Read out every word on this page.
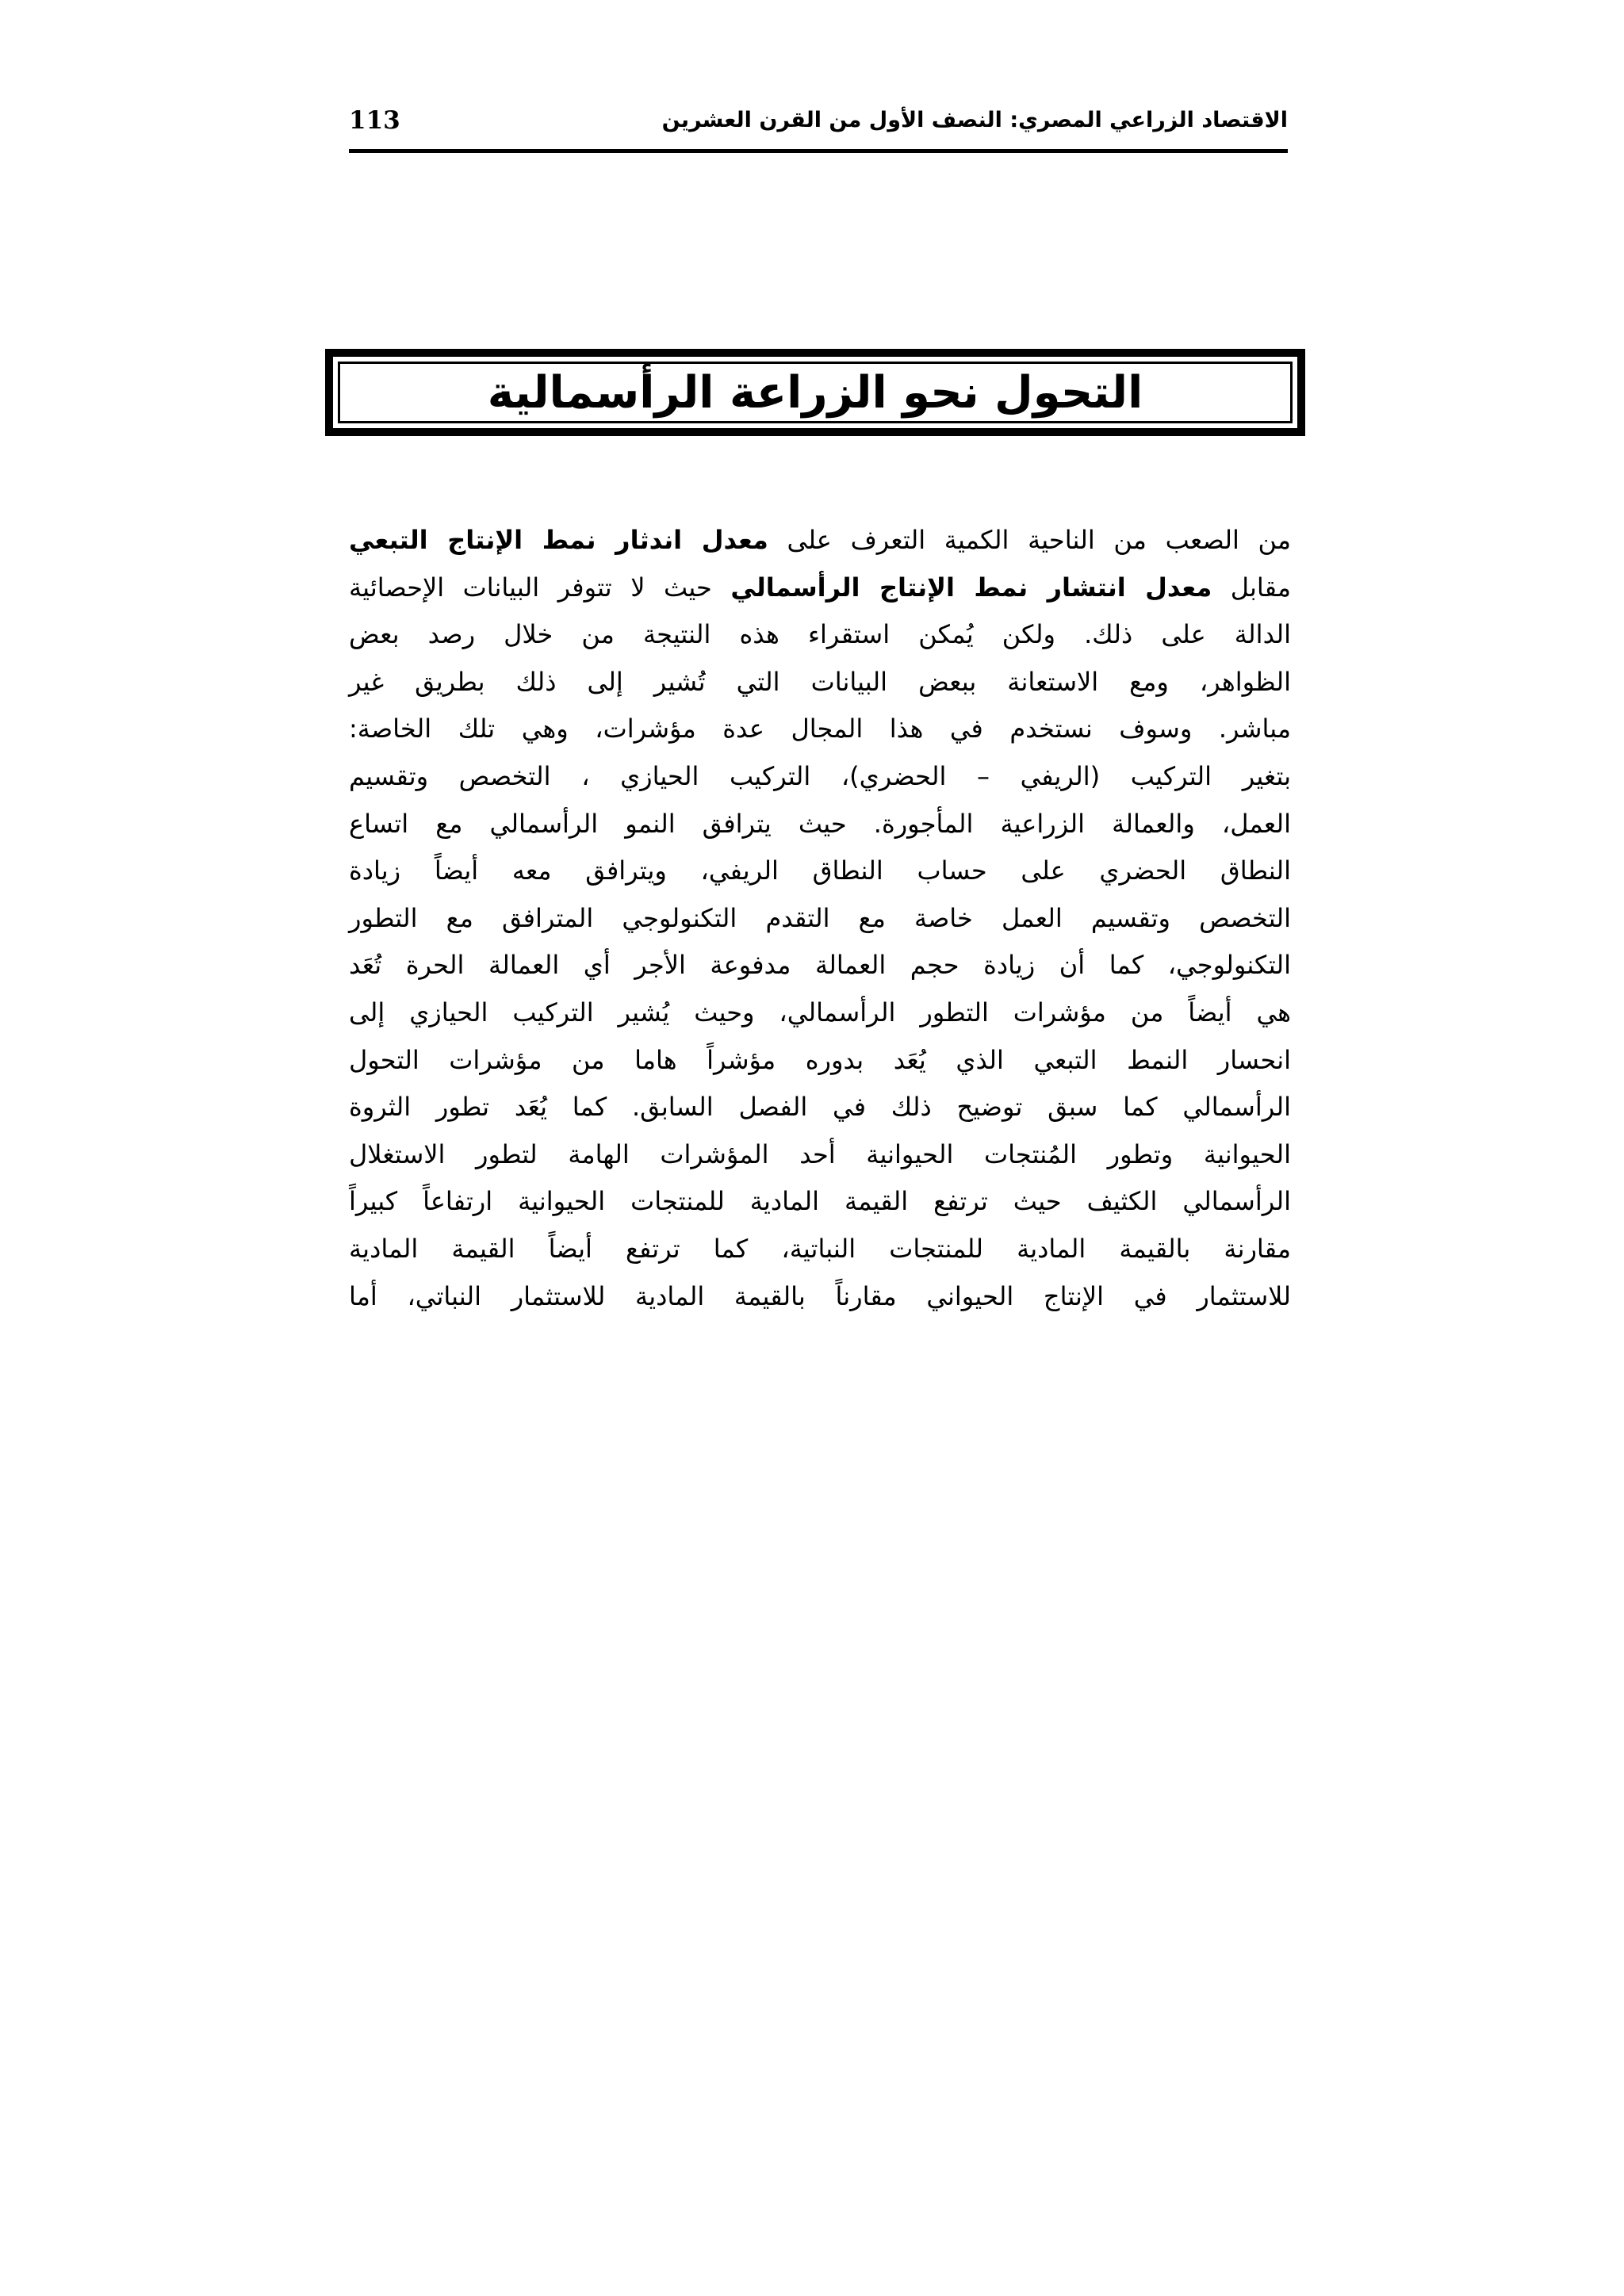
113	الاقتصاد الزراعي المصري: النصف الأول من القرن العشرين
التحول نحو الزراعة الرأسمالية
من الصعب من الناحية الكمية التعرف على معدل اندثار نمط الإنتاج التبعي
مقابل معدل انتشار نمط الإنتاج الرأسمالي حيث لا تتوفر البيانات الإحصائية
الدالة على ذلك. ولكن يُمكن استقراء هذه النتيجة من خلال رصد بعض
الظواهر، ومع الاستعانة ببعض البيانات التي تُشير إلى ذلك بطريق غير
مباشر. وسوف نستخدم في هذا المجال عدة مؤشرات، وهي تلك الخاصة:
بتغير التركيب (الريفي – الحضري)، التركيب الحيازي ، التخصص وتقسيم
العمل، والعمالة الزراعية المأجورة. حيث يترافق النمو الرأسمالي مع اتساع
النطاق الحضري على حساب النطاق الريفي، ويترافق معه أيضاً زيادة
التخصص وتقسيم العمل خاصة مع التقدم التكنولوجي المترافق مع التطور
التكنولوجي، كما أن زيادة حجم العمالة مدفوعة الأجر أي العمالة الحرة تُعَد
هي أيضاً من مؤشرات التطور الرأسمالي، وحيث يُشير التركيب الحيازي إلى
انحسار النمط التبعي الذي يُعَد بدوره مؤشراً هاما من مؤشرات التحول
الرأسمالي كما سبق توضيح ذلك في الفصل السابق. كما يُعَد تطور الثروة
الحيوانية وتطور المُنتجات الحيوانية أحد المؤشرات الهامة لتطور الاستغلال
الرأسمالي الكثيف حيث ترتفع القيمة المادية للمنتجات الحيوانية ارتفاعاً كبيراً
مقارنة بالقيمة المادية للمنتجات النباتية، كما ترتفع أيضاً القيمة المادية
للاستثمار في الإنتاج الحيواني مقارناً بالقيمة المادية للاستثمار النباتي، أما
